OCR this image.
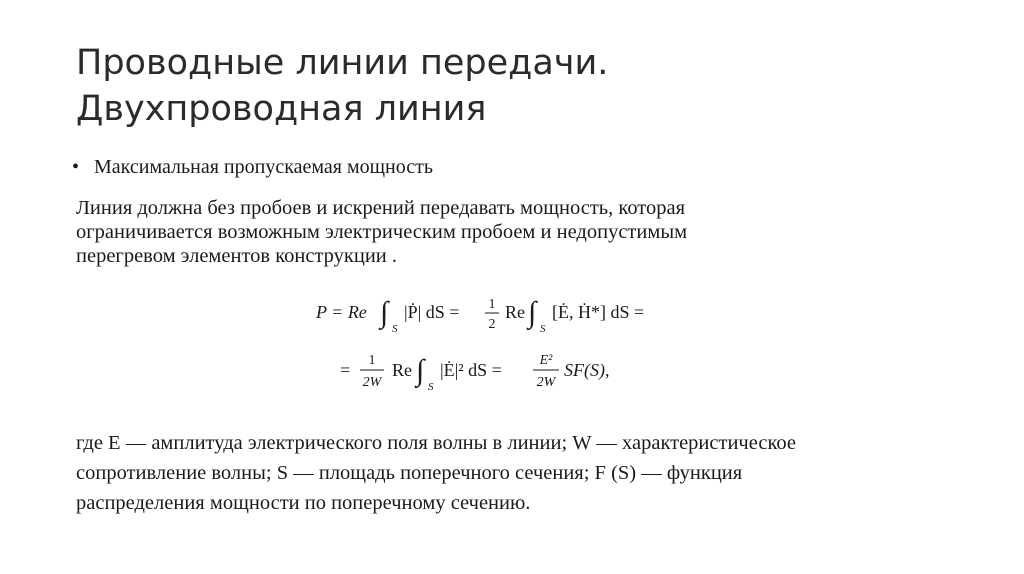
Проводные линии передачи.
Двухпроводная линия
• Максимальная пропускаемая мощность
Линия должна без пробоев и искрений передавать мощность, которая
ограничивается возможным электрическим пробоем и недопустимым
перегревом элементов конструкции .
P = Re ∫ S
|Ṗ| dS = 1
2
Re ∫ S
[Ė, Ḣ*] dS =
= 1
2W
Re ∫ S
|Ė|² dS =	E²
2W
SF(S),
где E — амплитуда электрического поля волны в линии; W — характеристическое
сопротивление волны; S — площадь поперечного сечения; F (S) — функция
распределения мощности по поперечному сечению.
